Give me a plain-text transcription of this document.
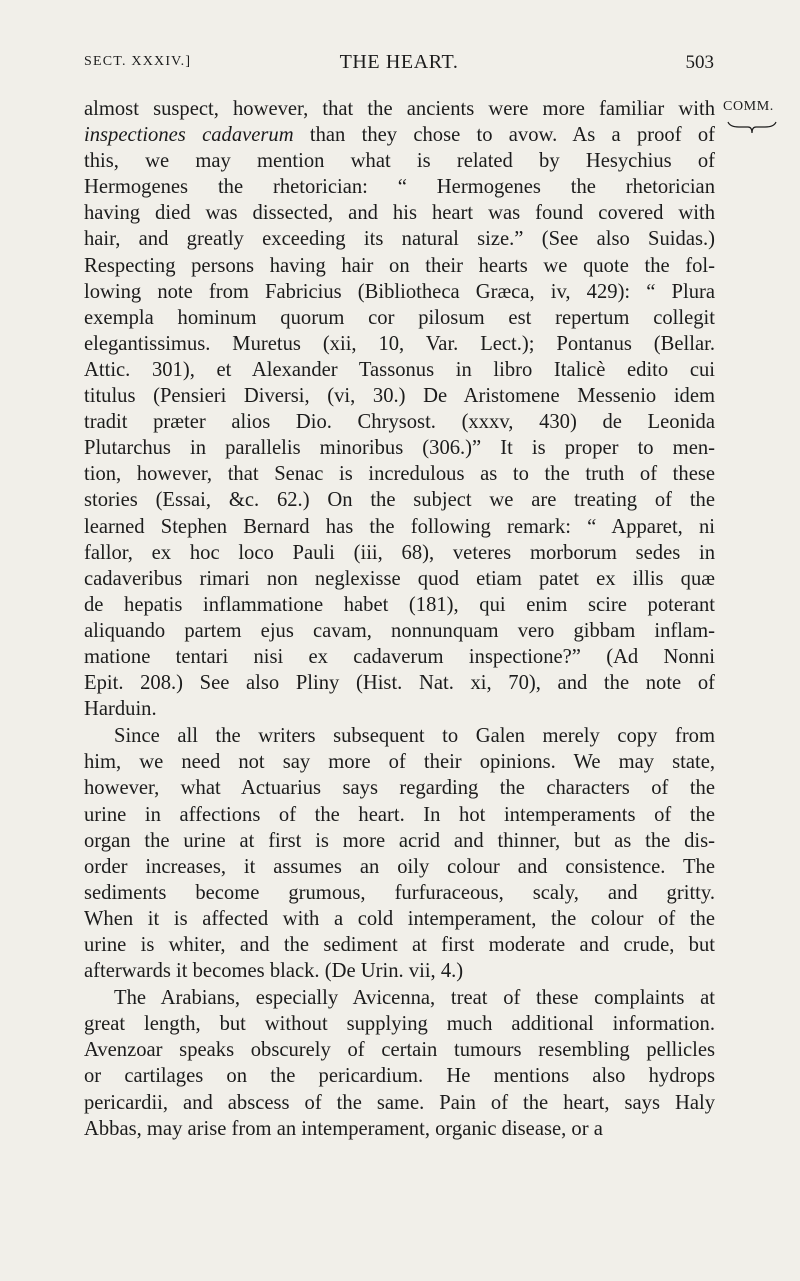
SECT. XXXIV.]	THE HEART.	503
COMM.

almost suspect, however, that the ancients were more familiar with
inspectiones cadaverum than they chose to avow. As a proof of
this, we may mention what is related by Hesychius of
Hermogenes the rhetorician: “ Hermogenes the rhetorician
having died was dissected, and his heart was found covered with
hair, and greatly exceeding its natural size.” (See also Suidas.)
Respecting persons having hair on their hearts we quote the fol-
lowing note from Fabricius (Bibliotheca Græca, iv, 429): “ Plura
exempla hominum quorum cor pilosum est repertum collegit
elegantissimus. Muretus (xii, 10, Var. Lect.); Pontanus (Bellar.
Attic. 301), et Alexander Tassonus in libro Italicè edito cui
titulus (Pensieri Diversi, (vi, 30.) De Aristomene Messenio idem
tradit præter alios Dio. Chrysost. (xxxv, 430) de Leonida
Plutarchus in parallelis minoribus (306.)” It is proper to men-
tion, however, that Senac is incredulous as to the truth of these
stories (Essai, &c. 62.) On the subject we are treating of the
learned Stephen Bernard has the following remark: “ Apparet, ni
fallor, ex hoc loco Pauli (iii, 68), veteres morborum sedes in
cadaveribus rimari non neglexisse quod etiam patet ex illis quæ
de hepatis inflammatione habet (181), qui enim scire poterant
aliquando partem ejus cavam, nonnunquam vero gibbam inflam-
matione tentari nisi ex cadaverum inspectione?” (Ad Nonni
Epit. 208.) See also Pliny (Hist. Nat. xi, 70), and the note of
Harduin.

Since all the writers subsequent to Galen merely copy from
him, we need not say more of their opinions. We may state,
however, what Actuarius says regarding the characters of the
urine in affections of the heart. In hot intemperaments of the
organ the urine at first is more acrid and thinner, but as the dis-
order increases, it assumes an oily colour and consistence. The
sediments become grumous, furfuraceous, scaly, and gritty.
When it is affected with a cold intemperament, the colour of the
urine is whiter, and the sediment at first moderate and crude, but
afterwards it becomes black. (De Urin. vii, 4.)

The Arabians, especially Avicenna, treat of these complaints at
great length, but without supplying much additional information.
Avenzoar speaks obscurely of certain tumours resembling pellicles
or cartilages on the pericardium. He mentions also hydrops
pericardii, and abscess of the same. Pain of the heart, says Haly
Abbas, may arise from an intemperament, organic disease, or a
